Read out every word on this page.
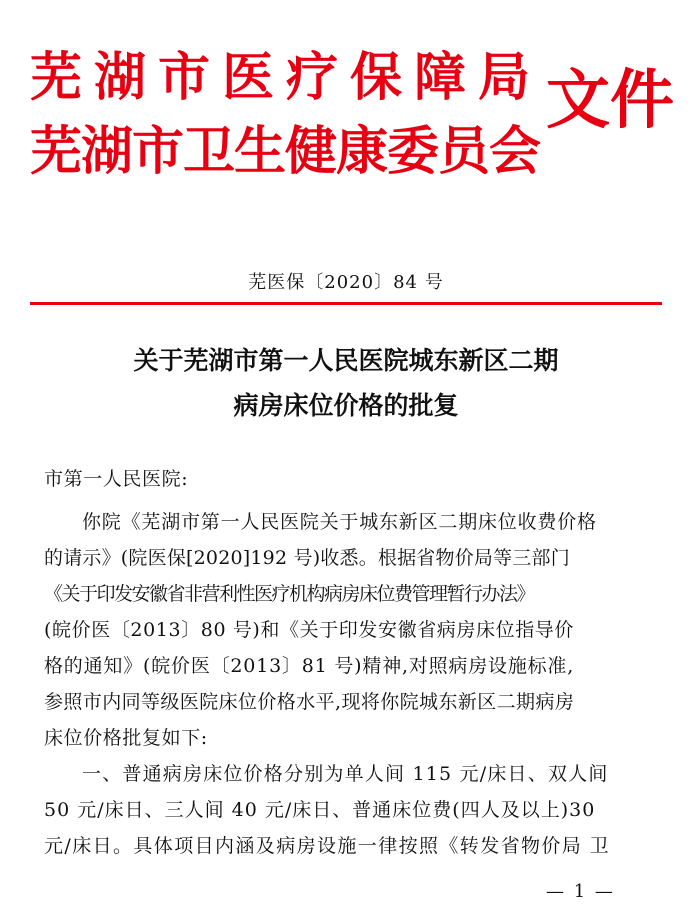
芜湖市医疗保障局
芜湖市卫生健康委员会
文件
芜医保〔2020〕84 号
关于芜湖市第一人民医院城东新区二期
病房床位价格的批复
市第一人民医院:
你院《芜湖市第一人民医院关于城东新区二期床位收费价格
的请示》(院医保[2020]192 号)收悉。根据省物价局等三部门
《关于印发安徽省非营利性医疗机构病房床位费管理暂行办法》
(皖价医〔2013〕80 号)和《关于印发安徽省病房床位指导价
格的通知》(皖价医〔2013〕81 号)精神,对照病房设施标准,
参照市内同等级医院床位价格水平,现将你院城东新区二期病房
床位价格批复如下:
一、普通病房床位价格分别为单人间 115 元/床日、双人间
50 元/床日、三人间 40 元/床日、普通床位费(四人及以上)30
元/床日。具体项目内涵及病房设施一律按照《转发省物价局 卫
— 1 —
